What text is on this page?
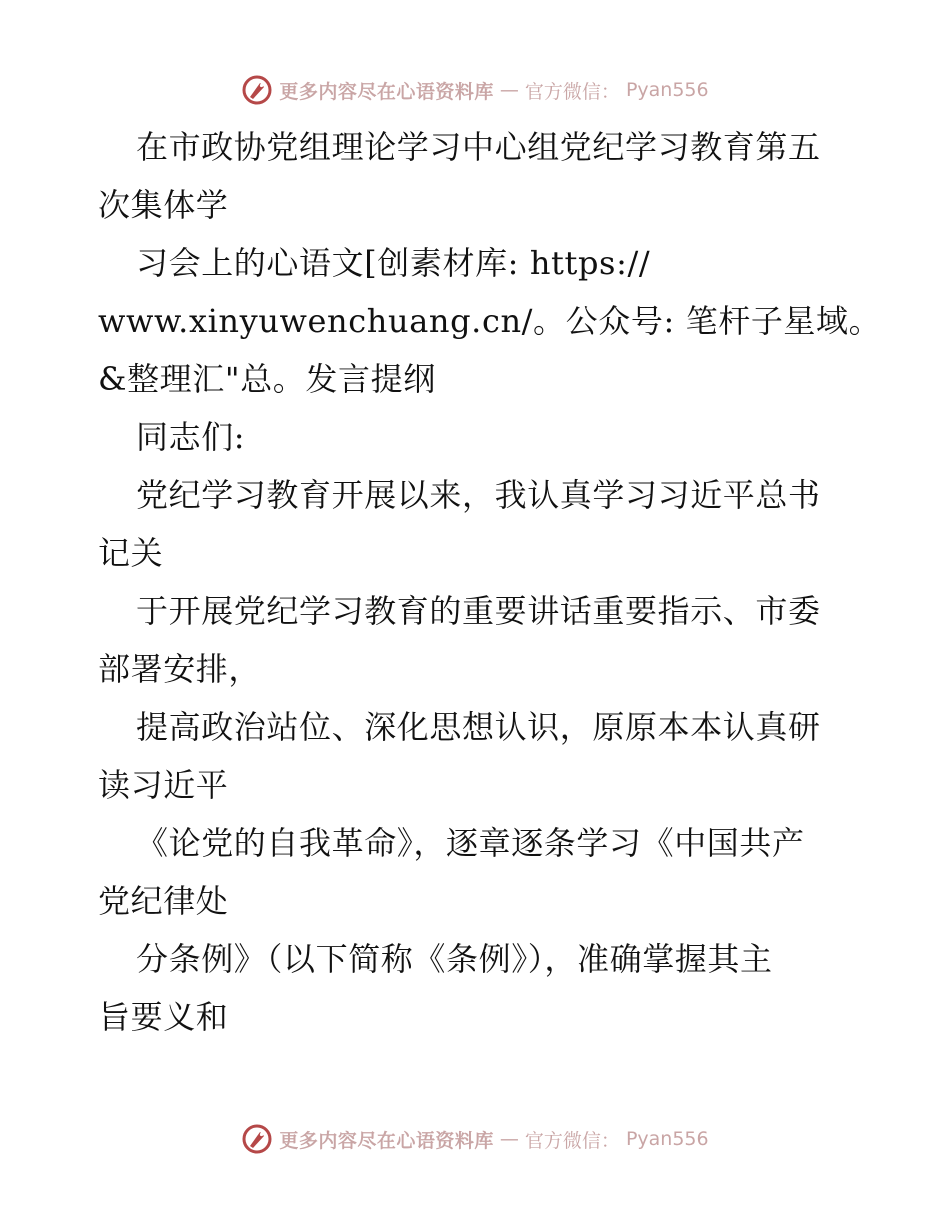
更多内容尽在心语资料库 — 官方微信： Pyan556
在市政协党组理论学习中心组党纪学习教育第五
次集体学
习会上的心语文[创素材库: https://
www.xinyuwenchuang.cn/。公众号: 笔杆子星域。
&整理汇"总。发言提纲
同志们:
党纪学习教育开展以来，我认真学习习近平总书
记关
于开展党纪学习教育的重要讲话重要指示、市委
部署安排，
提高政治站位、深化思想认识，原原本本认真研
读习近平
《论党的自我革命》，逐章逐条学习《中国共产
党纪律处
分条例》（以下简称《条例》），准确掌握其主
旨要义和
更多内容尽在心语资料库 — 官方微信： Pyan556
